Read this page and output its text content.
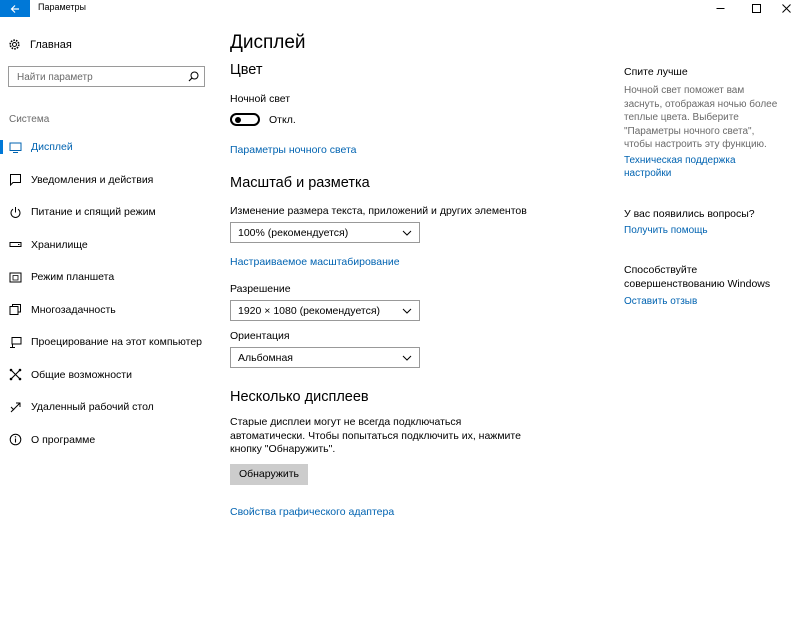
Параметры
Главная
Найти параметр
Система
Дисплей
Уведомления и действия
Питание и спящий режим
Хранилище
Режим планшета
Многозадачность
Проецирование на этот компьютер
Общие возможности
Удаленный рабочий стол
О программе
Дисплей
Цвет
Ночной свет
Откл.
Параметры ночного света
Масштаб и разметка
Изменение размера текста, приложений и других элементов
100% (рекомендуется)
Настраиваемое масштабирование
Разрешение
1920 × 1080 (рекомендуется)
Ориентация
Альбомная
Несколько дисплеев
Старые дисплеи могут не всегда подключаться автоматически. Чтобы попытаться подключить их, нажмите кнопку "Обнаружить".
Обнаружить
Свойства графического адаптера
Спите лучше
Ночной свет поможет вам заснуть, отображая ночью более теплые цвета. Выберите "Параметры ночного света", чтобы настроить эту функцию.
Техническая поддержка настройки
У вас появились вопросы?
Получить помощь
Способствуйте совершенствованию Windows
Оставить отзыв
